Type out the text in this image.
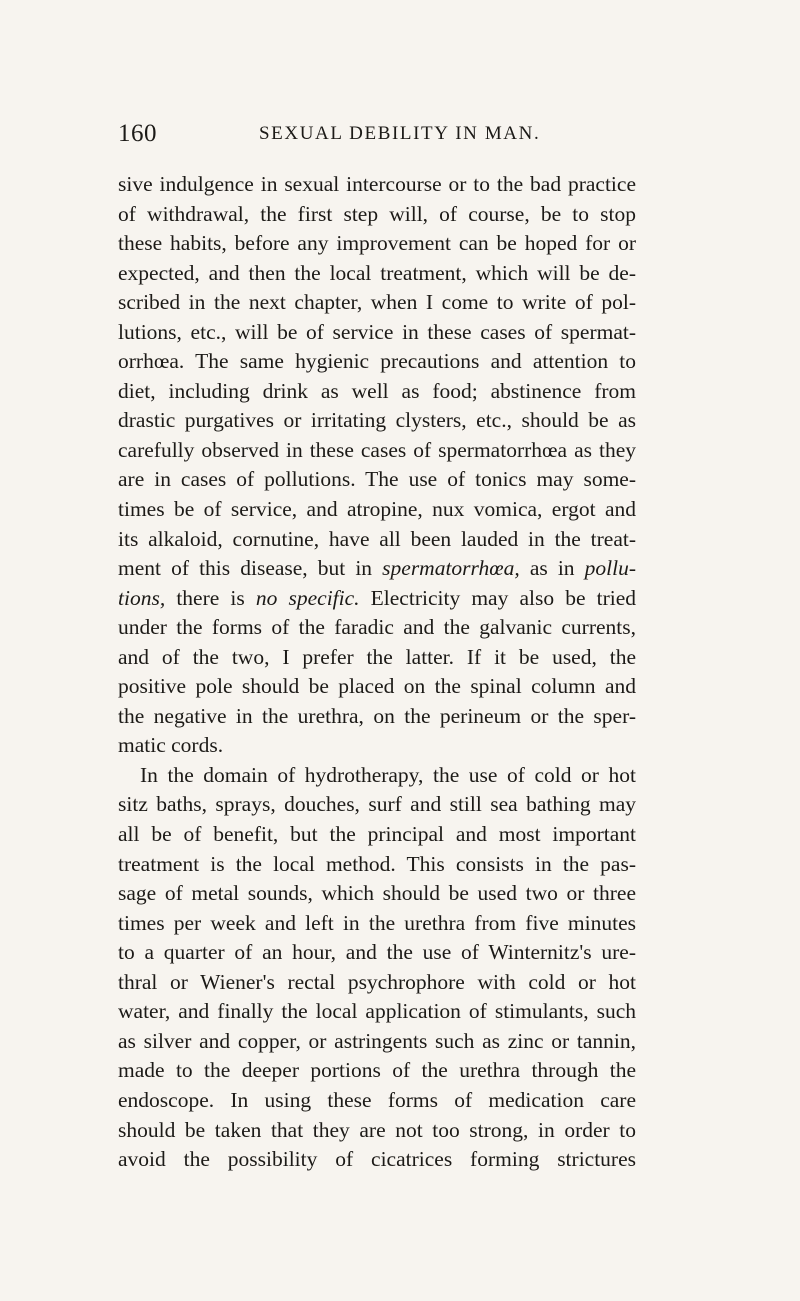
160	SEXUAL DEBILITY IN MAN.
sive indulgence in sexual intercourse or to the bad practice
of withdrawal, the first step will, of course, be to stop
these habits, before any improvement can be hoped for or
expected, and then the local treatment, which will be de-
scribed in the next chapter, when I come to write of pol-
lutions, etc., will be of service in these cases of spermat-
orrhœa. The same hygienic precautions and attention to
diet, including drink as well as food; abstinence from
drastic purgatives or irritating clysters, etc., should be as
carefully observed in these cases of spermatorrhœa as they
are in cases of pollutions. The use of tonics may some-
times be of service, and atropine, nux vomica, ergot and
its alkaloid, cornutine, have all been lauded in the treat-
ment of this disease, but in spermatorrhœa, as in pollu-
tions, there is no specific. Electricity may also be tried
under the forms of the faradic and the galvanic currents,
and of the two, I prefer the latter. If it be used, the
positive pole should be placed on the spinal column and
the negative in the urethra, on the perineum or the sper-
matic cords.
In the domain of hydrotherapy, the use of cold or hot
sitz baths, sprays, douches, surf and still sea bathing may
all be of benefit, but the principal and most important
treatment is the local method. This consists in the pas-
sage of metal sounds, which should be used two or three
times per week and left in the urethra from five minutes
to a quarter of an hour, and the use of Winternitz's ure-
thral or Wiener's rectal psychrophore with cold or hot
water, and finally the local application of stimulants, such
as silver and copper, or astringents such as zinc or tannin,
made to the deeper portions of the urethra through the
endoscope. In using these forms of medication care
should be taken that they are not too strong, in order to
avoid the possibility of cicatrices forming strictures
